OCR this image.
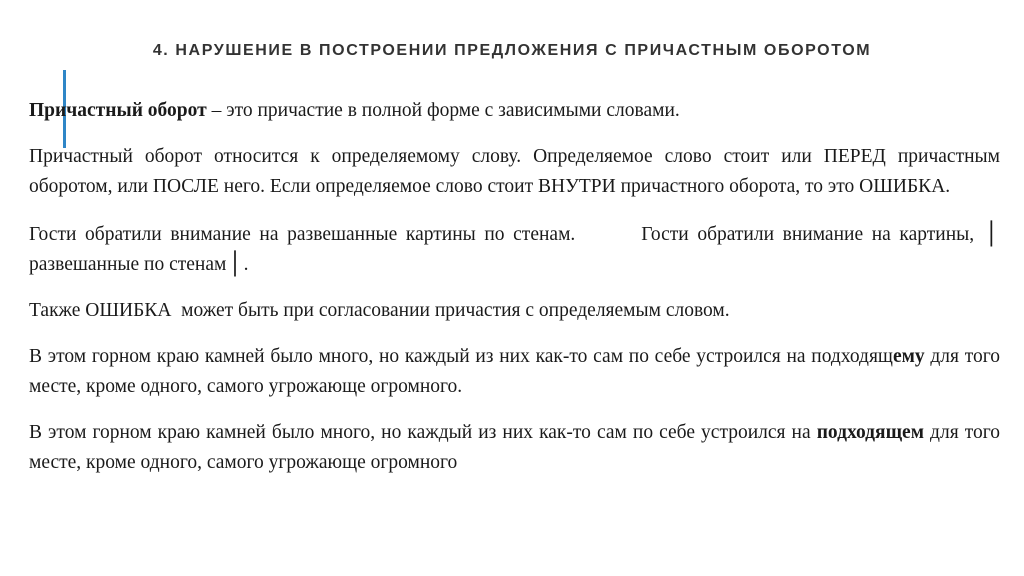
4. НАРУШЕНИЕ В ПОСТРОЕНИИ ПРЕДЛОЖЕНИЯ С ПРИЧАСТНЫМ ОБОРОТОМ

Причастный оборот – это причастие в полной форме с зависимыми словами.

Причастный оборот относится к определяемому слову. Определяемое слово стоит или ПЕРЕД причастным оборотом, или ПОСЛЕ него. Если определяемое слово стоит ВНУТРИ причастного оборота, то это ОШИБКА.

Гости обратили внимание на развешанные картины по стенам.	Гости обратили внимание на картины, │развешанные по стенам│ .

Также ОШИБКА  может быть при согласовании причастия с определяемым словом.

В этом горном краю камней было много, но каждый из них как-то сам по себе устроился на подходящему для того месте, кроме одного, самого угрожающе огромного.

В этом горном краю камней было много, но каждый из них как-то сам по себе устроился на подходящем для того месте, кроме одного, самого угрожающе огромного
